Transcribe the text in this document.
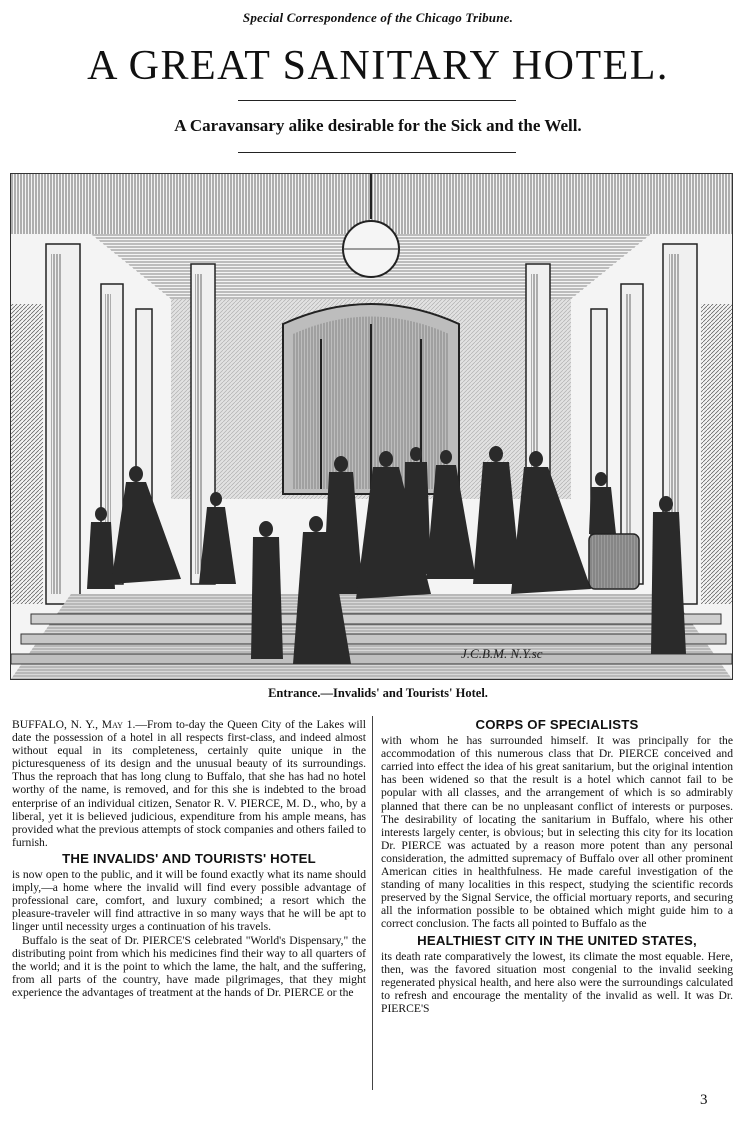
Special Correspondence of the Chicago Tribune.
A GREAT SANITARY HOTEL.
A Caravansary alike desirable for the Sick and the Well.
J.C.B.M. N.Y.sc
Entrance.—Invalids' and Tourists' Hotel.

BUFFALO, N. Y., May 1.—From to-day the Queen City of the Lakes will date the possession of a hotel in all respects first-class, and indeed almost without equal in its completeness, certainly quite unique in the picturesqueness of its design and the unusual beauty of its surroundings. Thus the reproach that has long clung to Buffalo, that she has had no hotel worthy of the name, is removed, and for this she is indebted to the broad enterprise of an individual citizen, Senator R. V. PIERCE, M. D., who, by a liberal, yet it is believed judicious, expenditure from his ample means, has provided what the previous attempts of stock companies and others failed to furnish.

THE INVALIDS' AND TOURISTS' HOTEL

is now open to the public, and it will be found exactly what its name should imply,—a home where the invalid will find every possible advantage of professional care, comfort, and luxury combined; a resort which the pleasure-traveler will find attractive in so many ways that he will be apt to linger until necessity urges a continuation of his travels.

Buffalo is the seat of Dr. PIERCE'S celebrated "World's Dispensary," the distributing point from which his medicines find their way to all quarters of the world; and it is the point to which the lame, the halt, and the suffering, from all parts of the country, have made pilgrimages, that they might experience the advantages of treatment at the hands of Dr. PIERCE or the

CORPS OF SPECIALISTS

with whom he has surrounded himself. It was principally for the accommodation of this numerous class that Dr. PIERCE conceived and carried into effect the idea of his great sanitarium, but the original intention has been widened so that the result is a hotel which cannot fail to be popular with all classes, and the arrangement of which is so admirably planned that there can be no unpleasant conflict of interests or purposes. The desirability of locating the sanitarium in Buffalo, where his other interests largely center, is obvious; but in selecting this city for its location Dr. PIERCE was actuated by a reason more potent than any personal consideration, the admitted supremacy of Buffalo over all other prominent American cities in healthfulness. He made careful investigation of the standing of many localities in this respect, studying the scientific records preserved by the Signal Service, the official mortuary reports, and securing all the information possible to be obtained which might guide him to a correct conclusion. The facts all pointed to Buffalo as the

HEALTHIEST CITY IN THE UNITED STATES,

its death rate comparatively the lowest, its climate the most equable. Here, then, was the favored situation most congenial to the invalid seeking regenerated physical health, and here also were the surroundings calculated to refresh and encourage the mentality of the invalid as well. It was Dr. PIERCE'S

3
